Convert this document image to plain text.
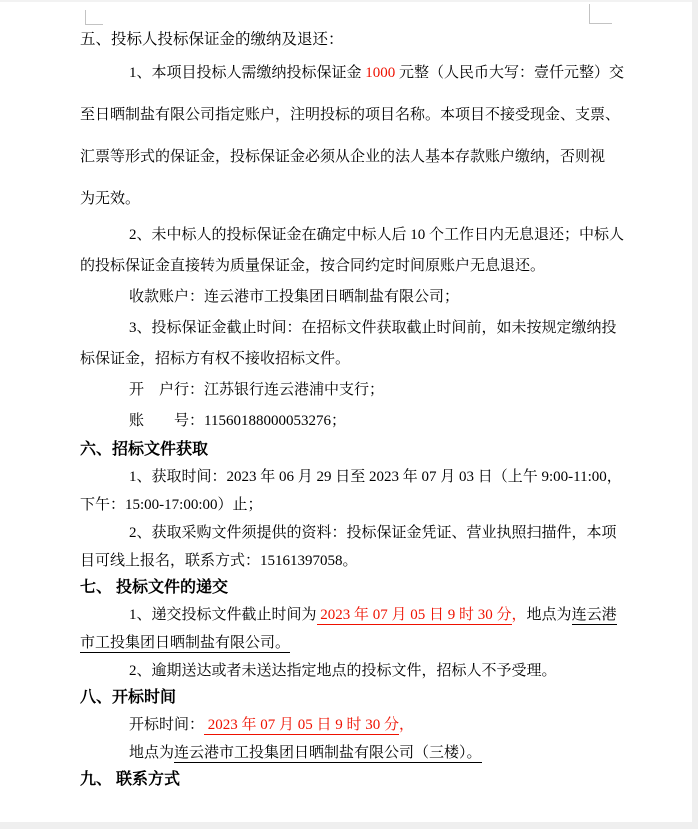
五、投标人投标保证金的缴纳及退还：

1、本项目投标人需缴纳投标保证金 1000 元整（人民币大写：壹仟元整）交
至日晒制盐有限公司指定账户，注明投标的项目名称。本项目不接受现金、支票、
汇票等形式的保证金，投标保证金必须从企业的法人基本存款账户缴纳，否则视
为无效。

2、未中标人的投标保证金在确定中标人后 10 个工作日内无息退还；中标人
的投标保证金直接转为质量保证金，按合同约定时间原账户无息退还。

收款账户：连云港市工投集团日晒制盐有限公司；

3、投标保证金截止时间：在招标文件获取截止时间前，如未按规定缴纳投
标保证金，招标方有权不接收招标文件。

开　户行：江苏银行连云港浦中支行；

账　　号：11560188000053276；

六、招标文件获取

1、获取时间：2023 年 06 月 29 日至 2023 年 07 月 03 日（上午 9:00-11:00，
下午：15:00-17:00:00）止；

2、获取采购文件须提供的资料：投标保证金凭证、营业执照扫描件，本项
目可线上报名，联系方式：15161397058。

七、 投标文件的递交

1、递交投标文件截止时间为 2023 年 07 月 05 日 9 时 30 分，地点为连云港
市工投集团日晒制盐有限公司。

2、逾期送达或者未送达指定地点的投标文件，招标人不予受理。

八、开标时间

开标时间： 2023 年 07 月 05 日 9 时 30 分，

地点为连云港市工投集团日晒制盐有限公司（三楼）。

九、 联系方式
